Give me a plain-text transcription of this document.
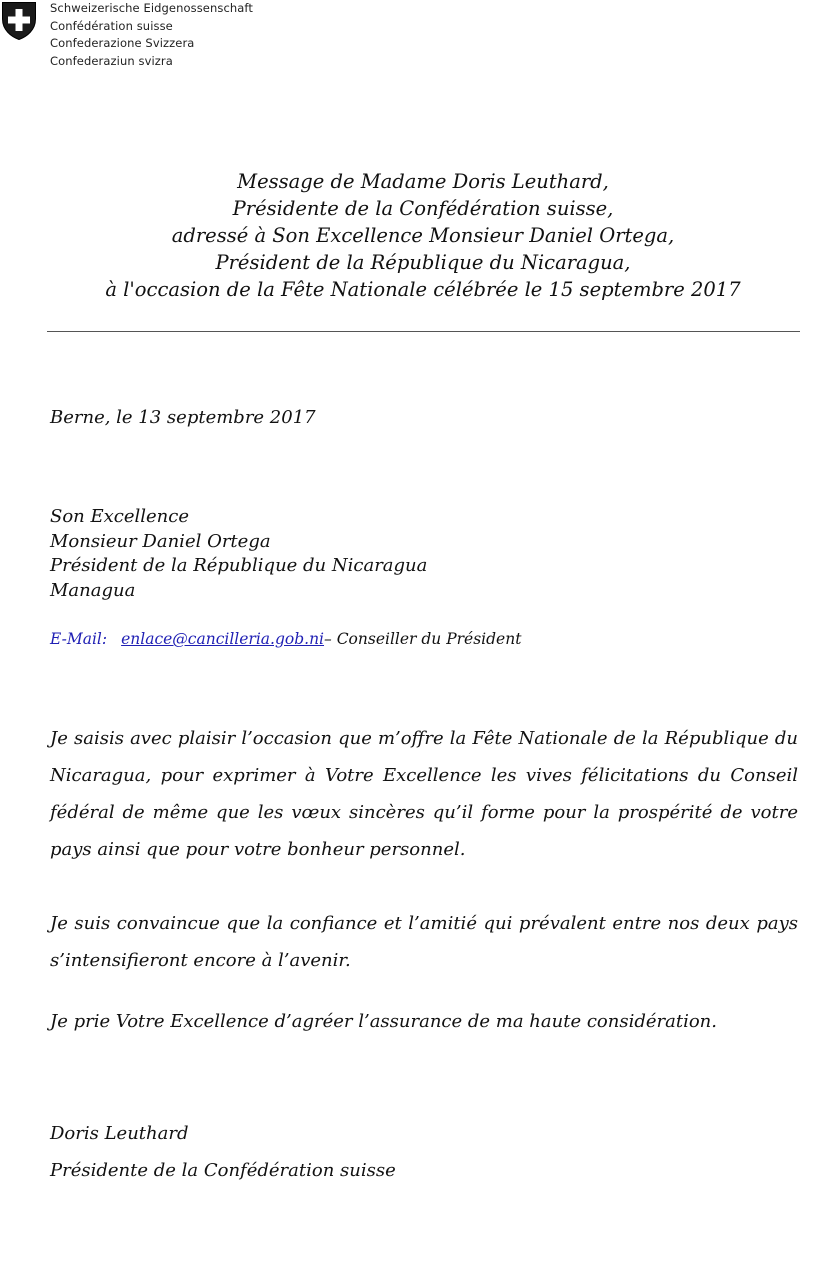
Schweizerische Eidgenossenschaft
Confédération suisse
Confederazione Svizzera
Confederaziun svizra
Message de Madame Doris Leuthard,
Présidente de la Confédération suisse,
adressé à Son Excellence Monsieur Daniel Ortega,
Président de la République du Nicaragua,
à l'occasion de la Fête Nationale célébrée le 15 septembre 2017
Berne, le 13 septembre 2017
Son Excellence
Monsieur Daniel Ortega
Président de la République du Nicaragua
Managua
E-Mail: enlace@cancilleria.gob.ni– Conseiller du Président
Je saisis avec plaisir l’occasion que m’offre la Fête Nationale de la République du Nicaragua, pour exprimer à Votre Excellence les vives félicitations du Conseil fédéral de même que les vœux sincères qu’il forme pour la prospérité de votre pays ainsi que pour votre bonheur personnel.
Je suis convaincue que la confiance et l’amitié qui prévalent entre nos deux pays s’intensifieront encore à l’avenir.
Je prie Votre Excellence d’agréer l’assurance de ma haute considération.
Doris Leuthard
Présidente de la Confédération suisse
